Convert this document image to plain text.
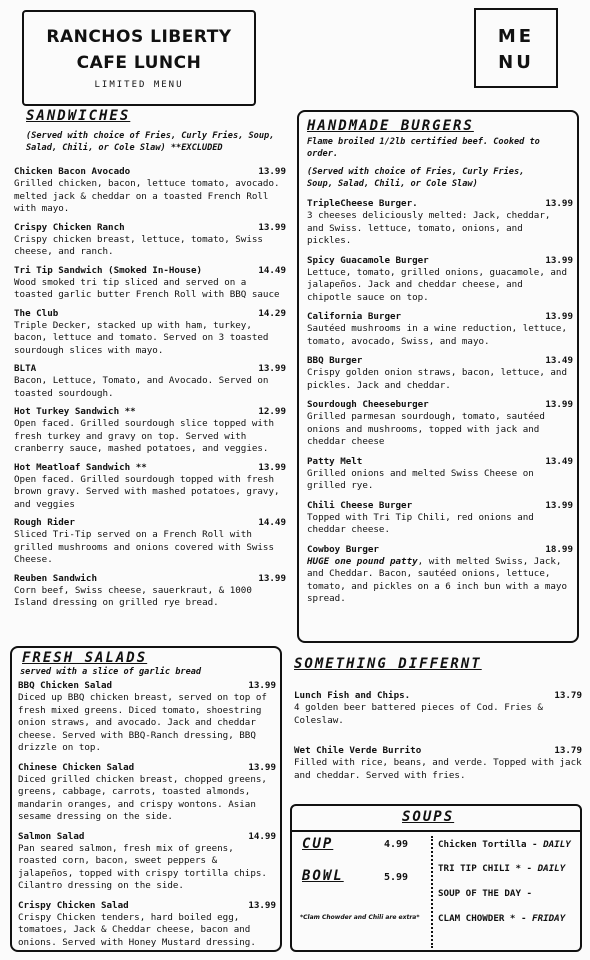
RANCHOS LIBERTY
CAFE LUNCH
LIMITED MENU
ME
NU
SANDWICHES
(Served with choice of Fries, Curly Fries, Soup, Salad, Chili, or Cole Slaw) **EXCLUDED
Chicken Bacon Avocado	13.99
Grilled chicken, bacon, lettuce tomato, avocado. melted jack & cheddar on a toasted French Roll with mayo.
Crispy Chicken Ranch	13.99
Crispy chicken breast, lettuce, tomato, Swiss cheese, and ranch.
Tri Tip Sandwich (Smoked In-House)	14.49
Wood smoked tri tip sliced and served on a toasted garlic butter French Roll with BBQ sauce
The Club	14.29
Triple Decker, stacked up with ham, turkey, bacon, lettuce and tomato. Served on 3 toasted sourdough slices with mayo.
BLTA	13.99
Bacon, Lettuce, Tomato, and Avocado. Served on toasted sourdough.
Hot Turkey Sandwich **	12.99
Open faced. Grilled sourdough slice topped with fresh turkey and gravy on top. Served with cranberry sauce, mashed potatoes, and veggies.
Hot Meatloaf Sandwich **	13.99
Open faced. Grilled sourdough topped with fresh brown gravy. Served with mashed potatoes, gravy, and veggies
Rough Rider	14.49
Sliced Tri-Tip served on a French Roll with grilled mushrooms and onions covered with Swiss Cheese.
Reuben Sandwich	13.99
Corn beef, Swiss cheese, sauerkraut, & 1000 Island dressing on grilled rye bread.
HANDMADE BURGERS
Flame broiled 1/2lb certified beef. Cooked to order.
(Served with choice of Fries, Curly Fries, Soup, Salad, Chili, or Cole Slaw)
TripleCheese Burger.	13.99
3 cheeses deliciously melted: Jack, cheddar, and Swiss. lettuce, tomato, onions, and pickles.
Spicy Guacamole Burger	13.99
Lettuce, tomato, grilled onions, guacamole, and jalapeños. Jack and cheddar cheese, and chipotle sauce on top.
California Burger	13.99
Sautéed mushrooms in a wine reduction, lettuce, tomato, avocado, Swiss, and mayo.
BBQ Burger	13.49
Crispy golden onion straws, bacon, lettuce, and pickles. Jack and cheddar.
Sourdough Cheeseburger	13.99
Grilled parmesan sourdough, tomato, sautéed onions and mushrooms, topped with jack and cheddar cheese
Patty Melt	13.49
Grilled onions and melted Swiss Cheese on grilled rye.
Chili Cheese Burger	13.99
Topped with Tri Tip Chili, red onions and cheddar cheese.
Cowboy Burger	18.99
HUGE one pound patty, with melted Swiss, Jack, and Cheddar. Bacon, sautéed onions, lettuce, tomato, and pickles on a 6 inch bun with a mayo spread.
FRESH SALADS
served with a slice of garlic bread
BBQ Chicken Salad	13.99
Diced up BBQ chicken breast, served on top of fresh mixed greens. Diced tomato, shoestring onion straws, and avocado. Jack and cheddar cheese. Served with BBQ-Ranch dressing, BBQ drizzle on top.
Chinese Chicken Salad	13.99
Diced grilled chicken breast, chopped greens, greens, cabbage, carrots, toasted almonds, mandarin oranges, and crispy wontons. Asian sesame dressing on the side.
Salmon Salad	14.99
Pan seared salmon, fresh mix of greens, roasted corn, bacon, sweet peppers & jalapeños, topped with crispy tortilla chips. Cilantro dressing on the side.
Crispy Chicken Salad	13.99
Crispy Chicken tenders, hard boiled egg, tomatoes, Jack & Cheddar cheese, bacon and onions. Served with Honey Mustard dressing.
SOMETHING DIFFERNT
Lunch Fish and Chips.	13.79
4 golden beer battered pieces of Cod. Fries & Coleslaw.
Wet Chile Verde Burrito	13.79
Filled with rice, beans, and verde. Topped with jack and cheddar. Served with fries.
SOUPS
CUP	4.99
BOWL	5.99
*Clam Chowder and Chili are extra*
Chicken Tortilla - DAILY
TRI TIP CHILI * - DAILY
SOUP OF THE DAY -
CLAM CHOWDER * - FRIDAY
